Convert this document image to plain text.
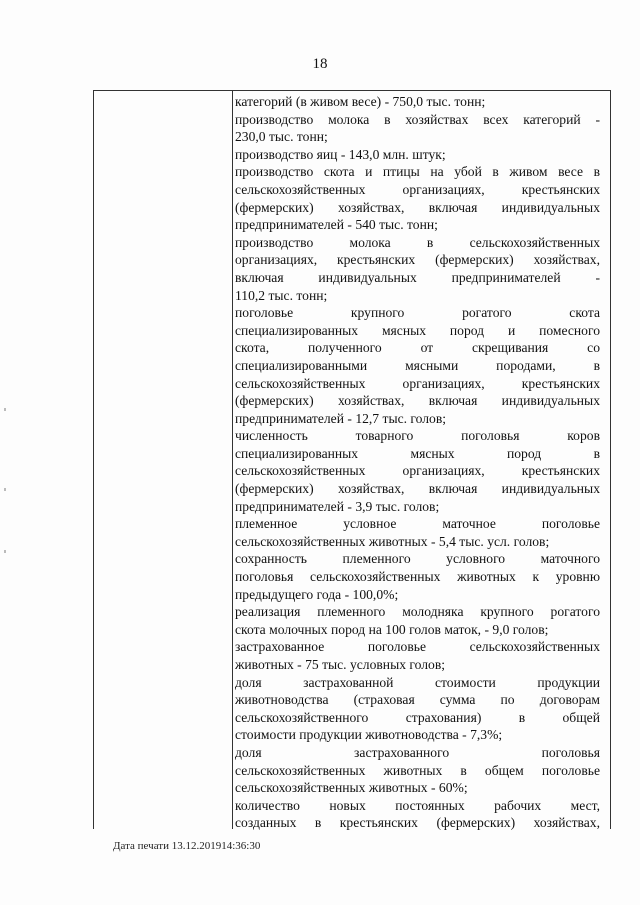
18
категорий (в живом весе) - 750,0 тыс. тонн;
производство молока в хозяйствах всех категорий -
230,0 тыс. тонн;
производство яиц - 143,0 млн. штук;
производство скота и птицы на убой в живом весе в
сельскохозяйственных организациях, крестьянских
(фермерских) хозяйствах, включая индивидуальных
предпринимателей - 540 тыс. тонн;
производство молока в сельскохозяйственных
организациях, крестьянских (фермерских) хозяйствах,
включая индивидуальных предпринимателей -
110,2 тыс. тонн;
поголовье крупного рогатого скота
специализированных мясных пород и помесного
скота, полученного от скрещивания со
специализированными мясными породами, в
сельскохозяйственных организациях, крестьянских
(фермерских) хозяйствах, включая индивидуальных
предпринимателей - 12,7 тыс. голов;
численность товарного поголовья коров
специализированных мясных пород в
сельскохозяйственных организациях, крестьянских
(фермерских) хозяйствах, включая индивидуальных
предпринимателей - 3,9 тыс. голов;
племенное условное маточное поголовье
сельскохозяйственных животных - 5,4 тыс. усл. голов;
сохранность племенного условного маточного
поголовья сельскохозяйственных животных к уровню
предыдущего года - 100,0%;
реализация племенного молодняка крупного рогатого
скота молочных пород на 100 голов маток, - 9,0 голов;
застрахованное поголовье сельскохозяйственных
животных - 75 тыс. условных голов;
доля застрахованной стоимости продукции
животноводства (страховая сумма по договорам
сельскохозяйственного страхования) в общей
стоимости продукции животноводства - 7,3%;
доля застрахованного поголовья
сельскохозяйственных животных в общем поголовье
сельскохозяйственных животных - 60%;
количество новых постоянных рабочих мест,
созданных в крестьянских (фермерских) хозяйствах,
Дата печати 13.12.201914:36:30
